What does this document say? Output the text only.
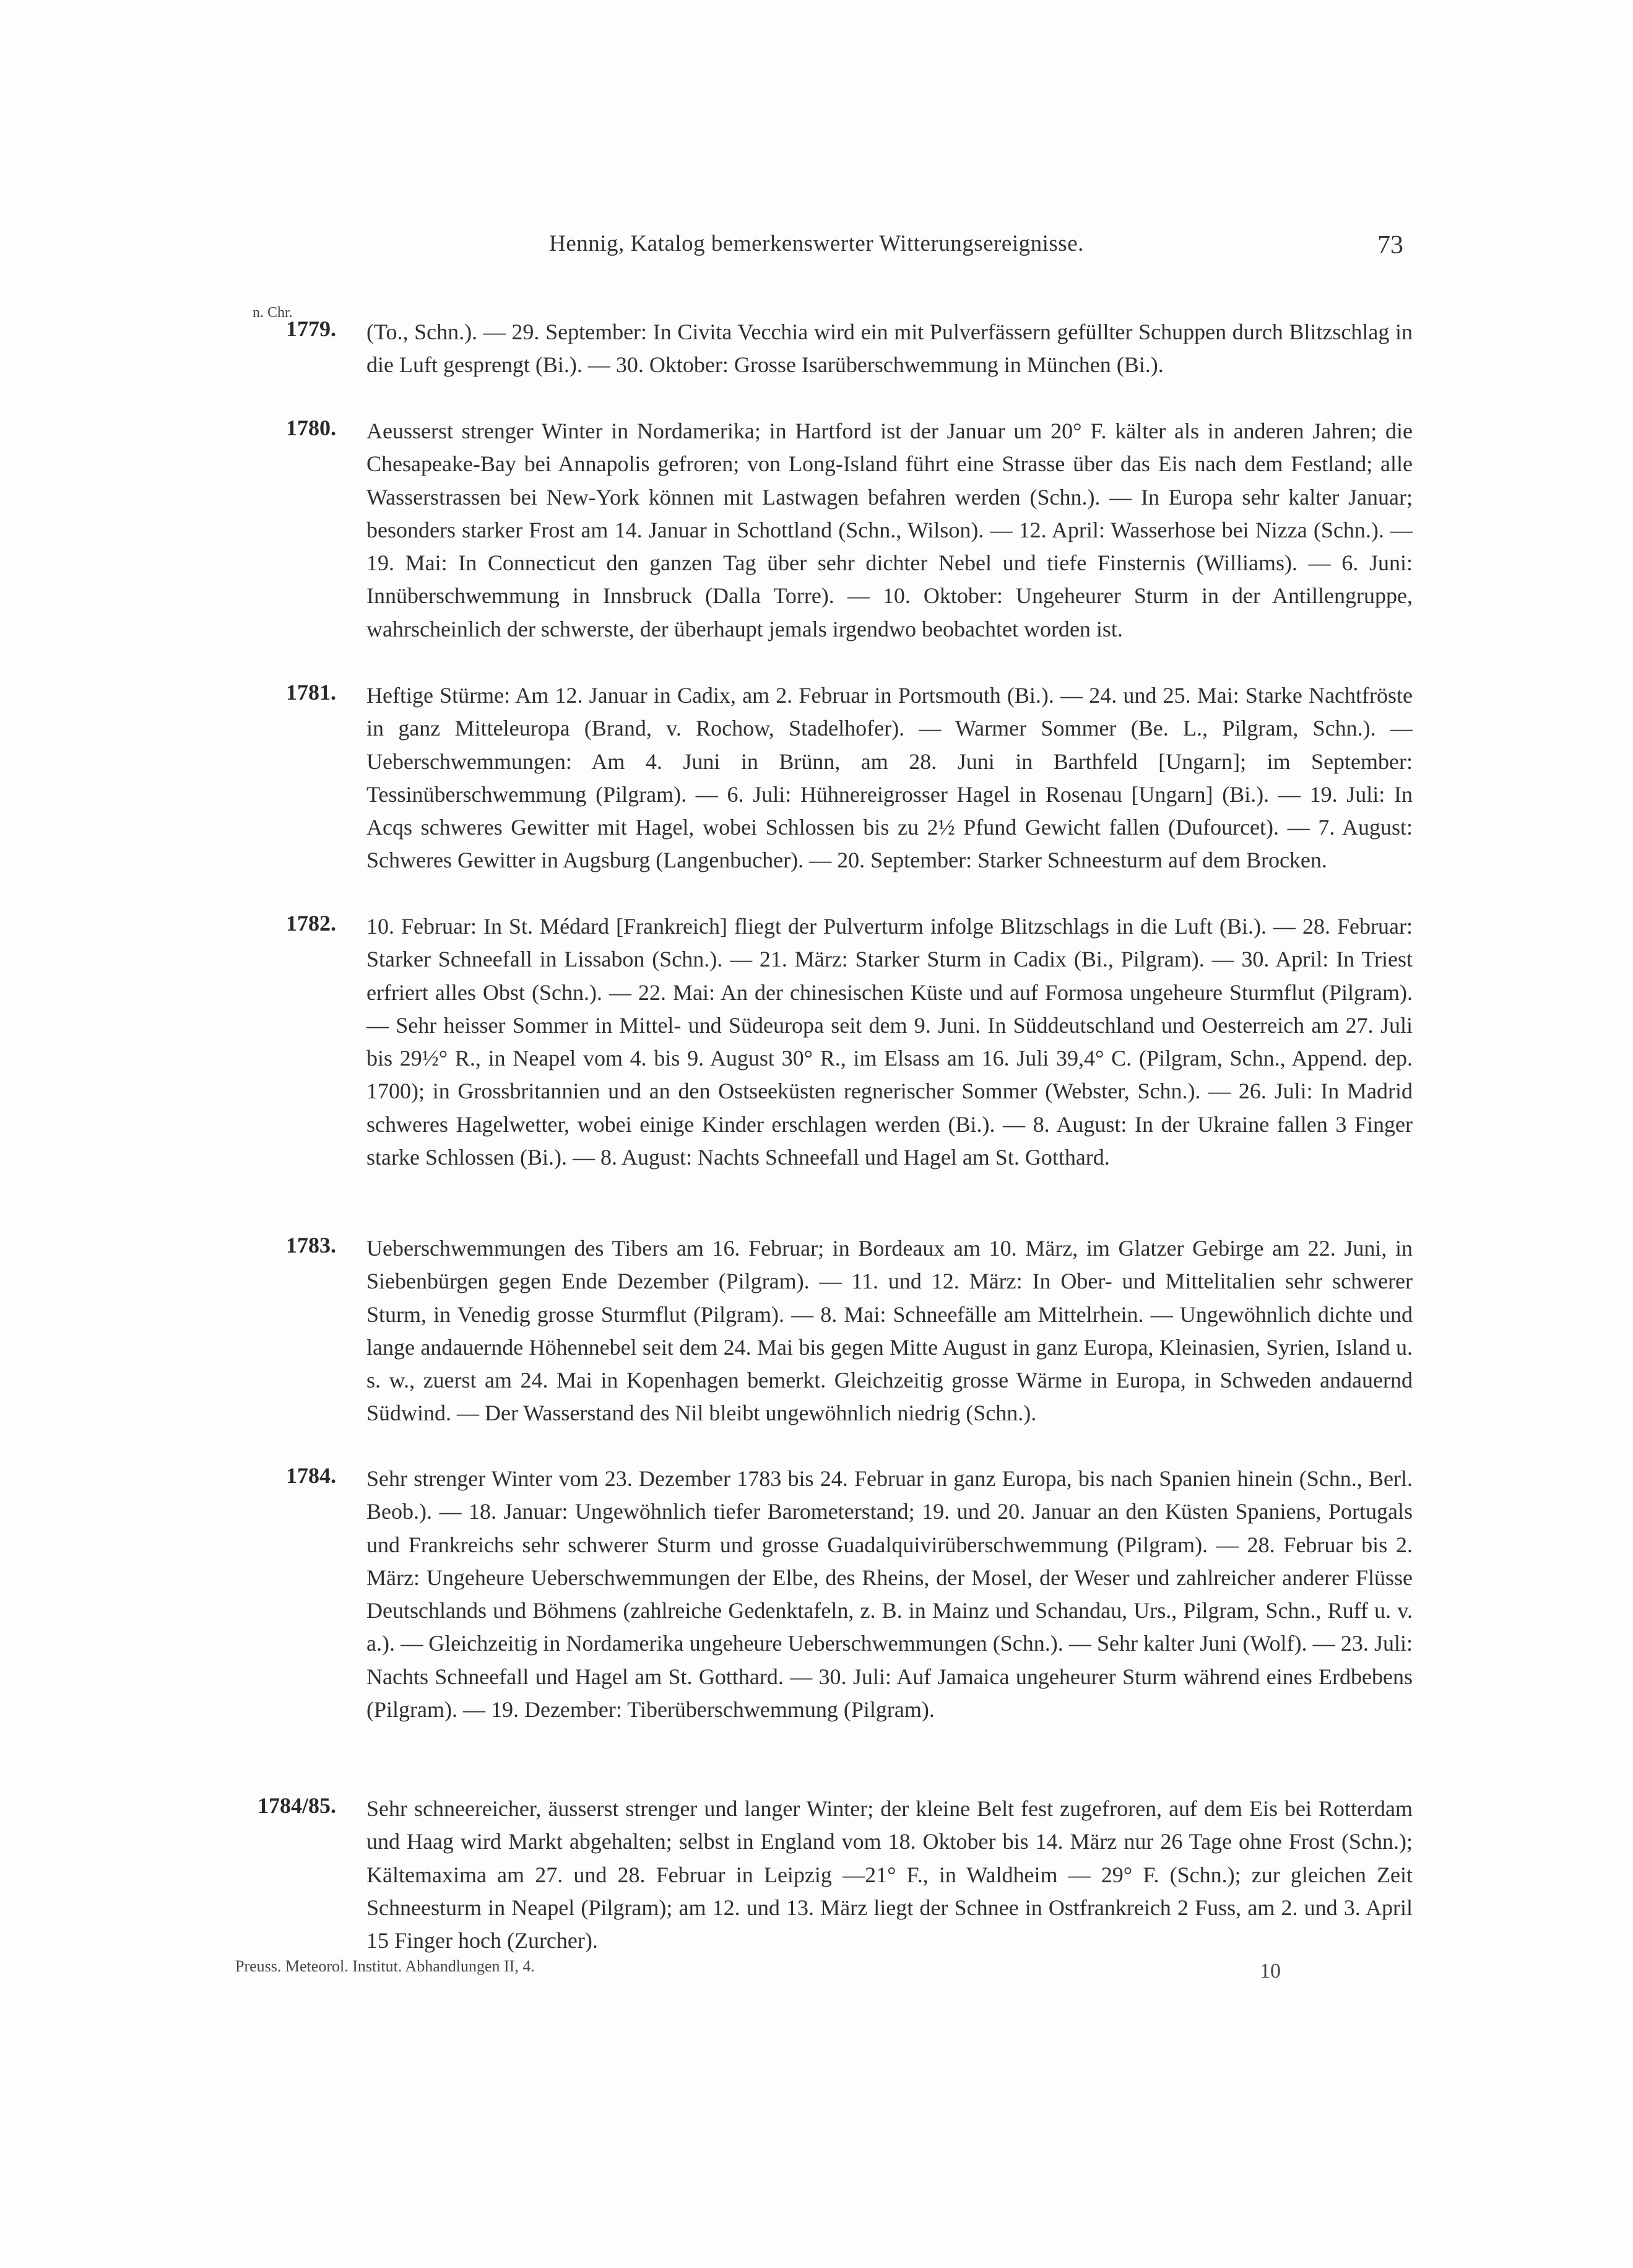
Hennig, Katalog bemerkenswerter Witterungsereignisse.	73
n. Chr.
1779. (To., Schn.). — 29. September: In Civita Vecchia wird ein mit Pulverfässern gefüllter Schuppen durch Blitzschlag in die Luft gesprengt (Bi.). — 30. Oktober: Grosse Isarüberschwemmung in München (Bi.).

1780. Aeusserst strenger Winter in Nordamerika; in Hartford ist der Januar um 20° F. kälter als in anderen Jahren; die Chesapeake-Bay bei Annapolis gefroren; von Long-Island führt eine Strasse über das Eis nach dem Festland; alle Wasserstrassen bei New-York können mit Lastwagen befahren werden (Schn.). — In Europa sehr kalter Januar; besonders starker Frost am 14. Januar in Schottland (Schn., Wilson). — 12. April: Wasserhose bei Nizza (Schn.). — 19. Mai: In Connecticut den ganzen Tag über sehr dichter Nebel und tiefe Finsternis (Williams). — 6. Juni: Innüberschwemmung in Innsbruck (Dalla Torre). — 10. Oktober: Ungeheurer Sturm in der Antillengruppe, wahrscheinlich der schwerste, der überhaupt jemals irgendwo beobachtet worden ist.

1781. Heftige Stürme: Am 12. Januar in Cadix, am 2. Februar in Portsmouth (Bi.). — 24. und 25. Mai: Starke Nachtfröste in ganz Mitteleuropa (Brand, v. Rochow, Stadelhofer). — Warmer Sommer (Be. L., Pilgram, Schn.). — Ueberschwemmungen: Am 4. Juni in Brünn, am 28. Juni in Barthfeld [Ungarn]; im September: Tessinüberschwemmung (Pilgram). — 6. Juli: Hühnereigrosser Hagel in Rosenau [Ungarn] (Bi.). — 19. Juli: In Acqs schweres Gewitter mit Hagel, wobei Schlossen bis zu 2½ Pfund Gewicht fallen (Dufourcet). — 7. August: Schweres Gewitter in Augsburg (Langenbucher). — 20. September: Starker Schneesturm auf dem Brocken.

1782. 10. Februar: In St. Médard [Frankreich] fliegt der Pulverturm infolge Blitzschlags in die Luft (Bi.). — 28. Februar: Starker Schneefall in Lissabon (Schn.). — 21. März: Starker Sturm in Cadix (Bi., Pilgram). — 30. April: In Triest erfriert alles Obst (Schn.). — 22. Mai: An der chinesischen Küste und auf Formosa ungeheure Sturmflut (Pilgram). — Sehr heisser Sommer in Mittel- und Südeuropa seit dem 9. Juni. In Süddeutschland und Oesterreich am 27. Juli bis 29½° R., in Neapel vom 4. bis 9. August 30° R., im Elsass am 16. Juli 39,4° C. (Pilgram, Schn., Append. dep. 1700); in Grossbritannien und an den Ostseeküsten regnerischer Sommer (Webster, Schn.). — 26. Juli: In Madrid schweres Hagelwetter, wobei einige Kinder erschlagen werden (Bi.). — 8. August: In der Ukraine fallen 3 Finger starke Schlossen (Bi.). — 8. August: Nachts Schneefall und Hagel am St. Gotthard.

1783. Ueberschwemmungen des Tibers am 16. Februar; in Bordeaux am 10. März, im Glatzer Gebirge am 22. Juni, in Siebenbürgen gegen Ende Dezember (Pilgram). — 11. und 12. März: In Ober- und Mittelitalien sehr schwerer Sturm, in Venedig grosse Sturmflut (Pilgram). — 8. Mai: Schneefälle am Mittelrhein. — Ungewöhnlich dichte und lange andauernde Höhennebel seit dem 24. Mai bis gegen Mitte August in ganz Europa, Kleinasien, Syrien, Island u. s. w., zuerst am 24. Mai in Kopenhagen bemerkt. Gleichzeitig grosse Wärme in Europa, in Schweden andauernd Südwind. — Der Wasserstand des Nil bleibt ungewöhnlich niedrig (Schn.).

1784. Sehr strenger Winter vom 23. Dezember 1783 bis 24. Februar in ganz Europa, bis nach Spanien hinein (Schn., Berl. Beob.). — 18. Januar: Ungewöhnlich tiefer Barometerstand; 19. und 20. Januar an den Küsten Spaniens, Portugals und Frankreichs sehr schwerer Sturm und grosse Guadalquivirüberschwemmung (Pilgram). — 28. Februar bis 2. März: Ungeheure Ueberschwemmungen der Elbe, des Rheins, der Mosel, der Weser und zahlreicher anderer Flüsse Deutschlands und Böhmens (zahlreiche Gedenktafeln, z. B. in Mainz und Schandau, Urs., Pilgram, Schn., Ruff u. v. a.). — Gleichzeitig in Nordamerika ungeheure Ueberschwemmungen (Schn.). — Sehr kalter Juni (Wolf). — 23. Juli: Nachts Schneefall und Hagel am St. Gotthard. — 30. Juli: Auf Jamaica ungeheurer Sturm während eines Erdbebens (Pilgram). — 19. Dezember: Tiberüberschwemmung (Pilgram).

1784/85. Sehr schneereicher, äusserst strenger und langer Winter; der kleine Belt fest zugefroren, auf dem Eis bei Rotterdam und Haag wird Markt abgehalten; selbst in England vom 18. Oktober bis 14. März nur 26 Tage ohne Frost (Schn.); Kältemaxima am 27. und 28. Februar in Leipzig —21° F., in Waldheim — 29° F. (Schn.); zur gleichen Zeit Schneesturm in Neapel (Pilgram); am 12. und 13. März liegt der Schnee in Ostfrankreich 2 Fuss, am 2. und 3. April 15 Finger hoch (Zurcher).

Preuss. Meteorol. Institut. Abhandlungen II, 4.	10
